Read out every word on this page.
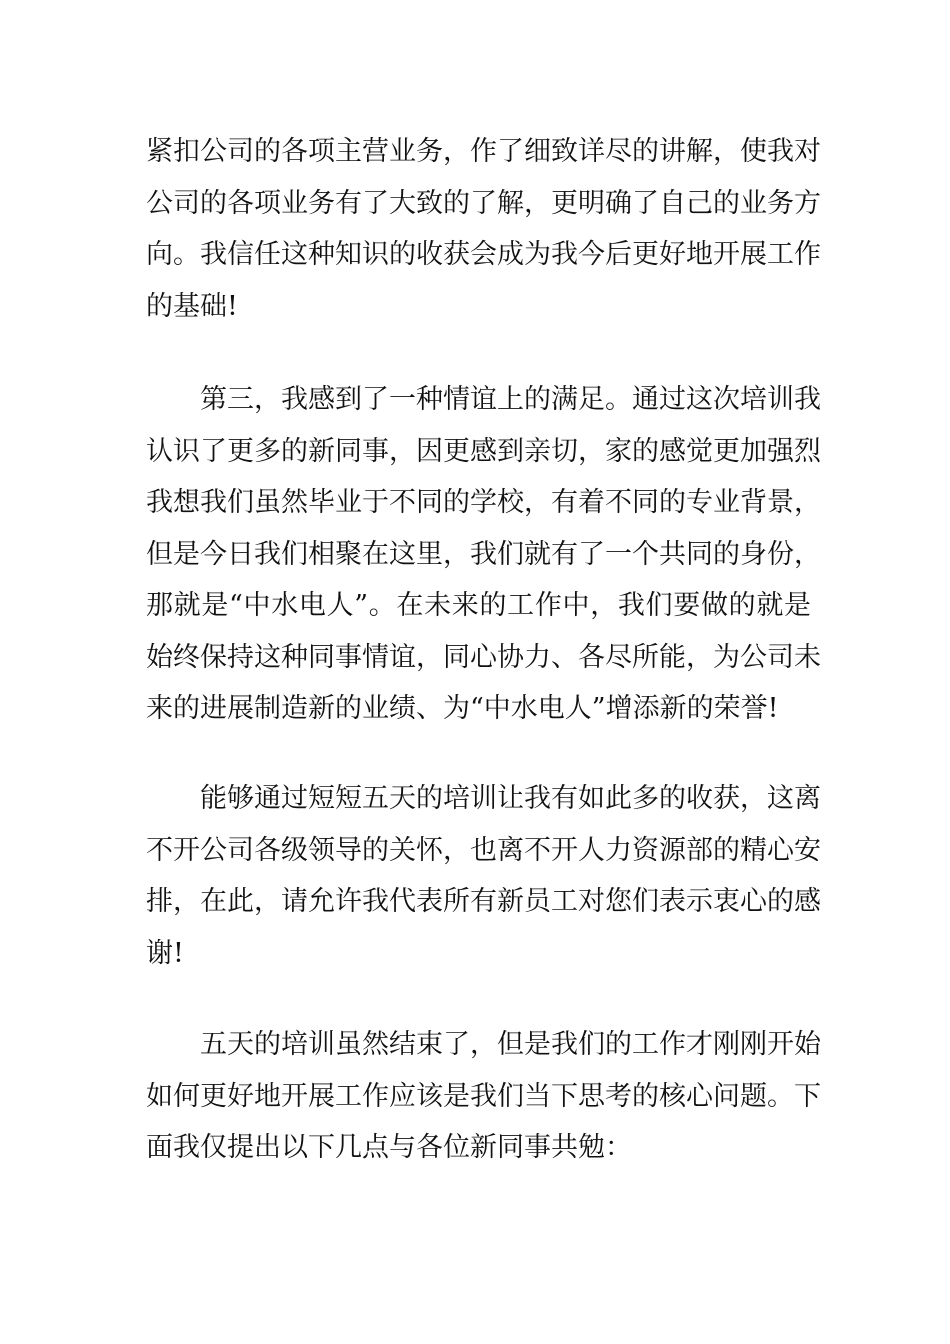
紧扣公司的各项主营业务，作了细致详尽的讲解，使我对
公司的各项业务有了大致的了解，更明确了自己的业务方
向。我信任这种知识的收获会成为我今后更好地开展工作
的基础!
第三，我感到了一种情谊上的满足。通过这次培训我
认识了更多的新同事，因更感到亲切，家的感觉更加强烈
我想我们虽然毕业于不同的学校，有着不同的专业背景，
但是今日我们相聚在这里，我们就有了一个共同的身份，
那就是“中水电人”。在未来的工作中，我们要做的就是
始终保持这种同事情谊，同心协力、各尽所能，为公司未
来的进展制造新的业绩、为“中水电人”增添新的荣誉!
能够通过短短五天的培训让我有如此多的收获，这离
不开公司各级领导的关怀，也离不开人力资源部的精心安
排，在此，请允许我代表所有新员工对您们表示衷心的感
谢!
五天的培训虽然结束了，但是我们的工作才刚刚开始
如何更好地开展工作应该是我们当下思考的核心问题。下
面我仅提出以下几点与各位新同事共勉：
